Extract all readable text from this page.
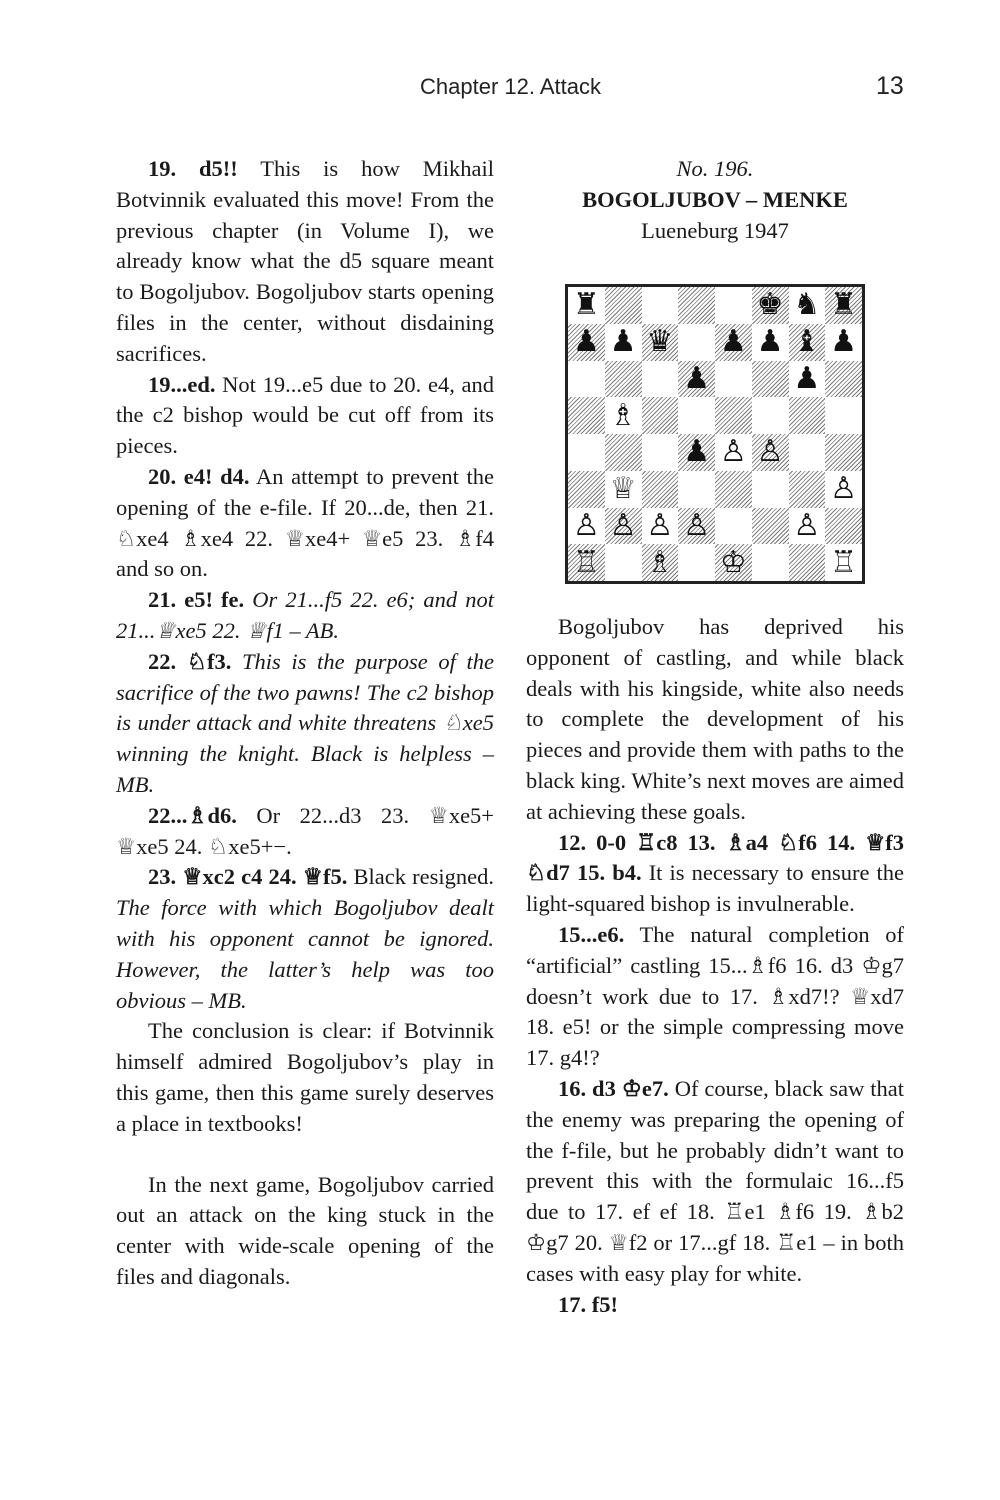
Chapter 12. Attack	13

19. d5!! This is how Mikhail Botvinnik evaluated this move! From the previous chapter (in Volume I), we already know what the d5 square meant to Bogoljubov. Bogoljubov starts opening files in the center, without disdaining sacrifices.

19...ed. Not 19...e5 due to 20. e4, and the c2 bishop would be cut off from its pieces.

20. e4! d4. An attempt to prevent the opening of the e-file. If 20...de, then 21. ♘xe4 ♗xe4 22. ♕xe4+ ♕e5 23. ♗f4 and so on.

21. e5! fe. Or 21...f5 22. e6; and not 21...♕xe5 22. ♕f1 – AB.

22. ♘f3. This is the purpose of the sacrifice of the two pawns! The c2 bishop is under attack and white threatens ♘xe5 winning the knight. Black is helpless – MB.

22...♗d6. Or 22...d3 23. ♕xe5+ ♕xe5 24. ♘xe5+−.

23. ♕xc2 c4 24. ♕f5. Black resigned. The force with which Bogoljubov dealt with his opponent cannot be ignored. However, the latter’s help was too obvious – MB.

The conclusion is clear: if Botvinnik himself admired Bogoljubov’s play in this game, then this game surely deserves a place in textbooks!

In the next game, Bogoljubov carried out an attack on the king stuck in the center with wide-scale opening of the files and diagonals.

No. 196.
BOGOLJUBOV – MENKE
Lueneburg 1947
♜	♚ ♞ ♜
♟ ♟ ♛ ♟ ♟ ♝ ♟
♟	♟
♗
♟ ♙ ♙
♕	♙
♙ ♙ ♙ ♙	♙
♖ ♗ ♔	♖

Bogoljubov has deprived his opponent of castling, and while black deals with his kingside, white also needs to complete the development of his pieces and provide them with paths to the black king. White’s next moves are aimed at achieving these goals.

12. 0-0 ♖c8 13. ♗a4 ♘f6 14. ♕f3 ♘d7 15. b4. It is necessary to ensure the light-squared bishop is invulnerable.

15...e6. The natural completion of “artificial” castling 15...♗f6 16. d3 ♔g7 doesn’t work due to 17. ♗xd7!? ♕xd7 18. e5! or the simple compressing move 17. g4!?

16. d3 ♔e7. Of course, black saw that the enemy was preparing the opening of the f-file, but he probably didn’t want to prevent this with the formulaic 16...f5 due to 17. ef ef 18. ♖e1 ♗f6 19. ♗b2 ♔g7 20. ♕f2 or 17...gf 18. ♖e1 – in both cases with easy play for white.

17. f5!
